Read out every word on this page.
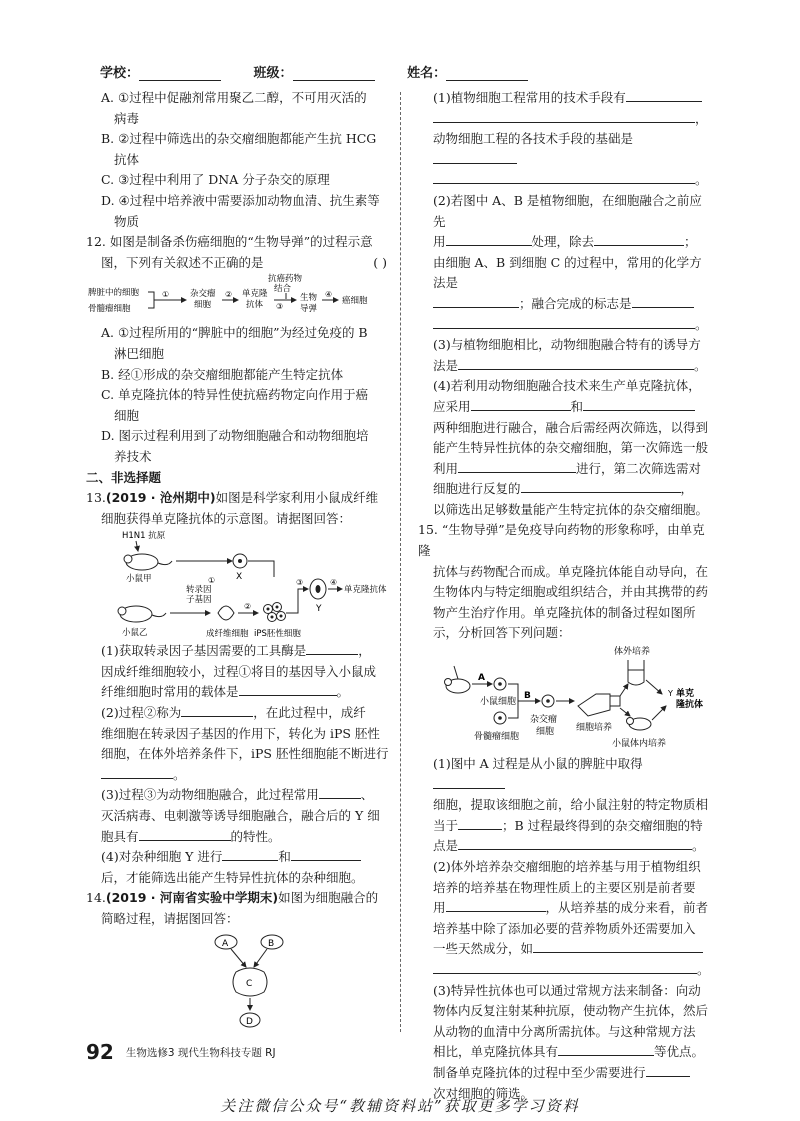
学校：	班级：	姓名：

A. ①过程中促融剂常用聚乙二醇，不可用灭活的

病毒

B. ②过程中筛选出的杂交瘤细胞都能产生抗 HCG

抗体

C. ③过程中利用了 DNA 分子杂交的原理

D. ④过程中培养液中需要添加动物血清、抗生素等

物质

12. 如图是制备杀伤癌细胞的“生物导弹”的过程示意

图，下列有关叙述不正确的是	( )

脾脏中的细胞
骨髓瘤细胞
① 杂交瘤
细胞
② 单克隆
抗体
抗癌药物
结合
③
生物
导弹
④
癌细胞

A. ①过程所用的“脾脏中的细胞”为经过免疫的 B

淋巴细胞

B. 经①形成的杂交瘤细胞都能产生特定抗体

C. 单克隆抗体的特异性使抗癌药物定向作用于癌

细胞

D. 图示过程利用到了动物细胞融合和动物细胞培

养技术

二、非选择题

13.(2019 · 沧州期中)如图是科学家利用小鼠成纤维

细胞获得单克隆抗体的示意图。请据图回答：

H1N1 抗原
小鼠甲	X
小鼠乙
转录因
子基因
①
成纤维细胞
②
iPS胚性细胞
③
Y
④
单克隆抗体

(1)获取转录因子基因需要的工具酶是	，

因成纤维细胞较小，过程①将目的基因导入小鼠成

纤维细胞时常用的载体是	。

(2)过程②称为	，在此过程中，成纤

维细胞在转录因子基因的作用下，转化为 iPS 胚性

细胞，在体外培养条件下，iPS 胚性细胞能不断进行

。

(3)过程③为动物细胞融合，此过程常用	、

灭活病毒、电刺激等诱导细胞融合，融合后的 Y 细

胞具有	的特性。

(4)对杂种细胞 Y 进行	和

后，才能筛选出能产生特异性抗体的杂种细胞。

14.(2019 · 河南省实验中学期末)如图为细胞融合的

简略过程，请据图回答：

A	B
C
D

(1)植物细胞工程常用的技术手段有

，

动物细胞工程的各技术手段的基础是

。

(2)若图中 A、B 是植物细胞，在细胞融合之前应先

用	处理，除去	；

由细胞 A、B 到细胞 C 的过程中，常用的化学方法是

；融合完成的标志是

。

(3)与植物细胞相比，动物细胞融合特有的诱导方

法是	。

(4)若利用动物细胞融合技术来生产单克隆抗体，

应采用	和

两种细胞进行融合，融合后需经两次筛选，以得到

能产生特异性抗体的杂交瘤细胞，第一次筛选一般

利用	进行，第二次筛选需对

细胞进行反复的	，

以筛选出足够数量能产生特定抗体的杂交瘤细胞。

15. “生物导弹”是免疫导向药物的形象称呼，由单克隆

抗体与药物配合而成。单克隆抗体能自动导向，在

生物体内与特定细胞或组织结合，并由其携带的药

物产生治疗作用。单克隆抗体的制备过程如图所

示，分析回答下列问题：

A
小鼠细胞
骨髓瘤细胞
B
杂交瘤
细胞 细胞培养
体外培养
Y 单克
隆抗体
小鼠体内培养

(1)图中 A 过程是从小鼠的脾脏中取得

细胞，提取该细胞之前，给小鼠注射的特定物质相

当于	；B 过程最终得到的杂交瘤细胞的特

点是	。

(2)体外培养杂交瘤细胞的培养基与用于植物组织

培养的培养基在物理性质上的主要区别是前者要

用	，从培养基的成分来看，前者

培养基中除了添加必要的营养物质外还需要加入

一些天然成分，如

。

(3)特异性抗体也可以通过常规方法来制备：向动

物体内反复注射某种抗原，使动物产生抗体，然后

从动物的血清中分离所需抗体。与这种常规方法

相比，单克隆抗体具有	等优点。

制备单克隆抗体的过程中至少需要进行

次对细胞的筛选。

92 生物选修3 现代生物科技专题 RJ
关注微信公众号“教辅资料站”获取更多学习资料
